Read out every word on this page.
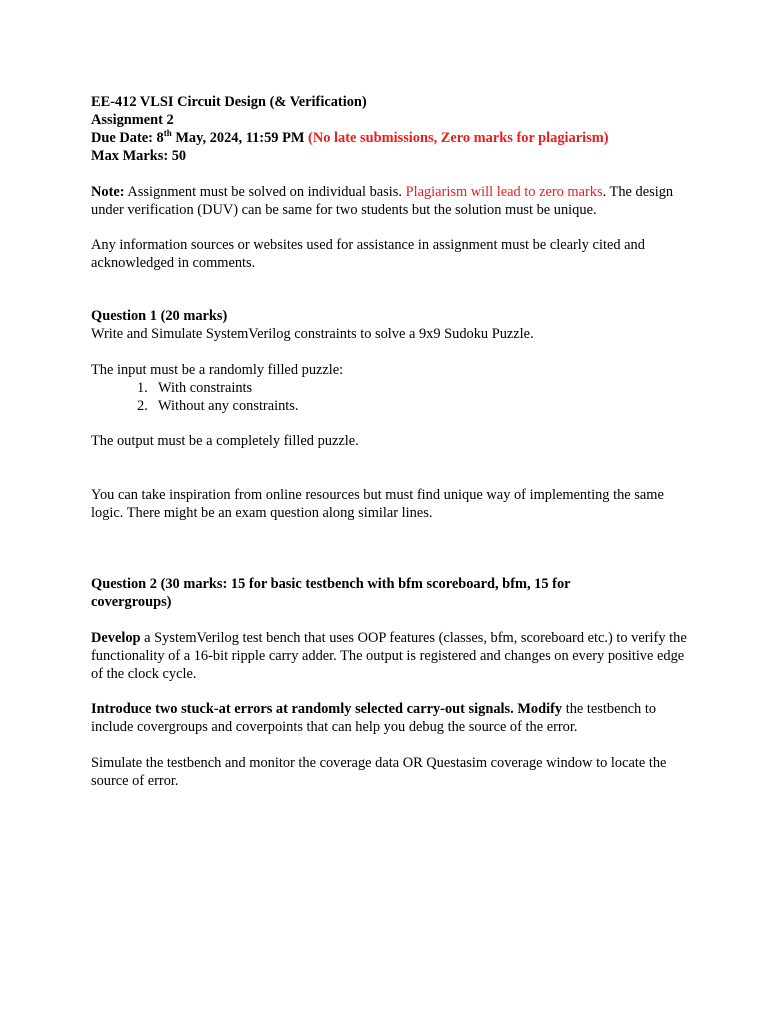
EE-412 VLSI Circuit Design (& Verification)
Assignment 2
Due Date: 8th May, 2024, 11:59 PM (No late submissions, Zero marks for plagiarism)
Max Marks: 50

Note: Assignment must be solved on individual basis. Plagiarism will lead to zero marks. The design under verification (DUV) can be same for two students but the solution must be unique.

Any information sources or websites used for assistance in assignment must be clearly cited and acknowledged in comments.

Question 1 (20 marks)

Write and Simulate SystemVerilog constraints to solve a 9x9 Sudoku Puzzle.

The input must be a randomly filled puzzle:

1. With constraints
2. Without any constraints.

The output must be a completely filled puzzle.

You can take inspiration from online resources but must find unique way of implementing the same logic. There might be an exam question along similar lines.

Question 2 (30 marks: 15 for basic testbench with bfm scoreboard, bfm, 15 for covergroups)

Develop a SystemVerilog test bench that uses OOP features (classes, bfm, scoreboard etc.) to verify the functionality of a 16-bit ripple carry adder. The output is registered and changes on every positive edge of the clock cycle.

Introduce two stuck-at errors at randomly selected carry-out signals. Modify the testbench to include covergroups and coverpoints that can help you debug the source of the error.

Simulate the testbench and monitor the coverage data OR Questasim coverage window to locate the source of error.
